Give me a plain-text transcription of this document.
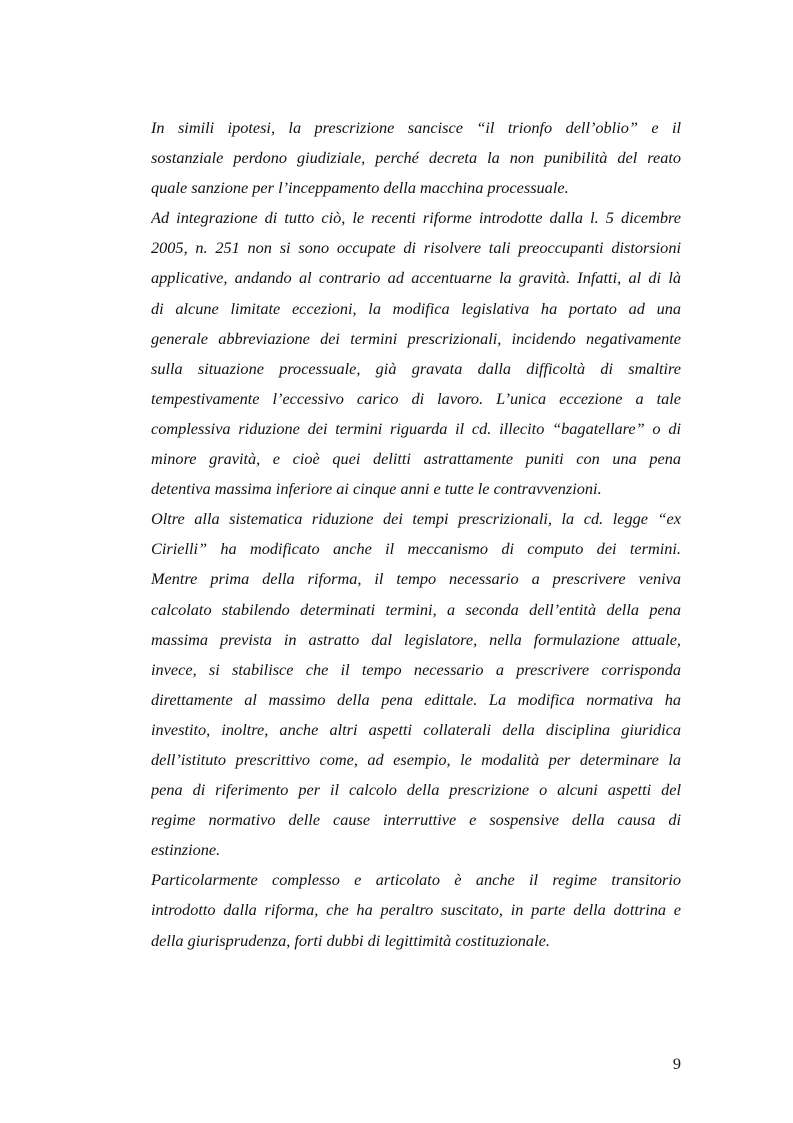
In simili ipotesi, la prescrizione sancisce “il trionfo dell’oblio” e il
sostanziale perdono giudiziale, perché decreta la non punibilità del reato
quale sanzione per l’inceppamento della macchina processuale.
Ad integrazione di tutto ciò, le recenti riforme introdotte dalla l. 5 dicembre
2005, n. 251 non si sono occupate di risolvere tali preoccupanti distorsioni
applicative, andando al contrario ad accentuarne la gravità. Infatti, al di là
di alcune limitate eccezioni, la modifica legislativa ha portato ad una
generale abbreviazione dei termini prescrizionali, incidendo negativamente
sulla situazione processuale, già gravata dalla difficoltà di smaltire
tempestivamente l’eccessivo carico di lavoro. L’unica eccezione a tale
complessiva riduzione dei termini riguarda il cd. illecito “bagatellare” o di
minore gravità, e cioè quei delitti astrattamente puniti con una pena
detentiva massima inferiore ai cinque anni e tutte le contravvenzioni.
Oltre alla sistematica riduzione dei tempi prescrizionali, la cd. legge “ex
Cirielli” ha modificato anche il meccanismo di computo dei termini.
Mentre prima della riforma, il tempo necessario a prescrivere veniva
calcolato stabilendo determinati termini, a seconda dell’entità della pena
massima prevista in astratto dal legislatore, nella formulazione attuale,
invece, si stabilisce che il tempo necessario a prescrivere corrisponda
direttamente al massimo della pena edittale. La modifica normativa ha
investito, inoltre, anche altri aspetti collaterali della disciplina giuridica
dell’istituto prescrittivo come, ad esempio, le modalità per determinare la
pena di riferimento per il calcolo della prescrizione o alcuni aspetti del
regime normativo delle cause interruttive e sospensive della causa di
estinzione.
Particolarmente complesso e articolato è anche il regime transitorio
introdotto dalla riforma, che ha peraltro suscitato, in parte della dottrina e
della giurisprudenza, forti dubbi di legittimità costituzionale.
9
